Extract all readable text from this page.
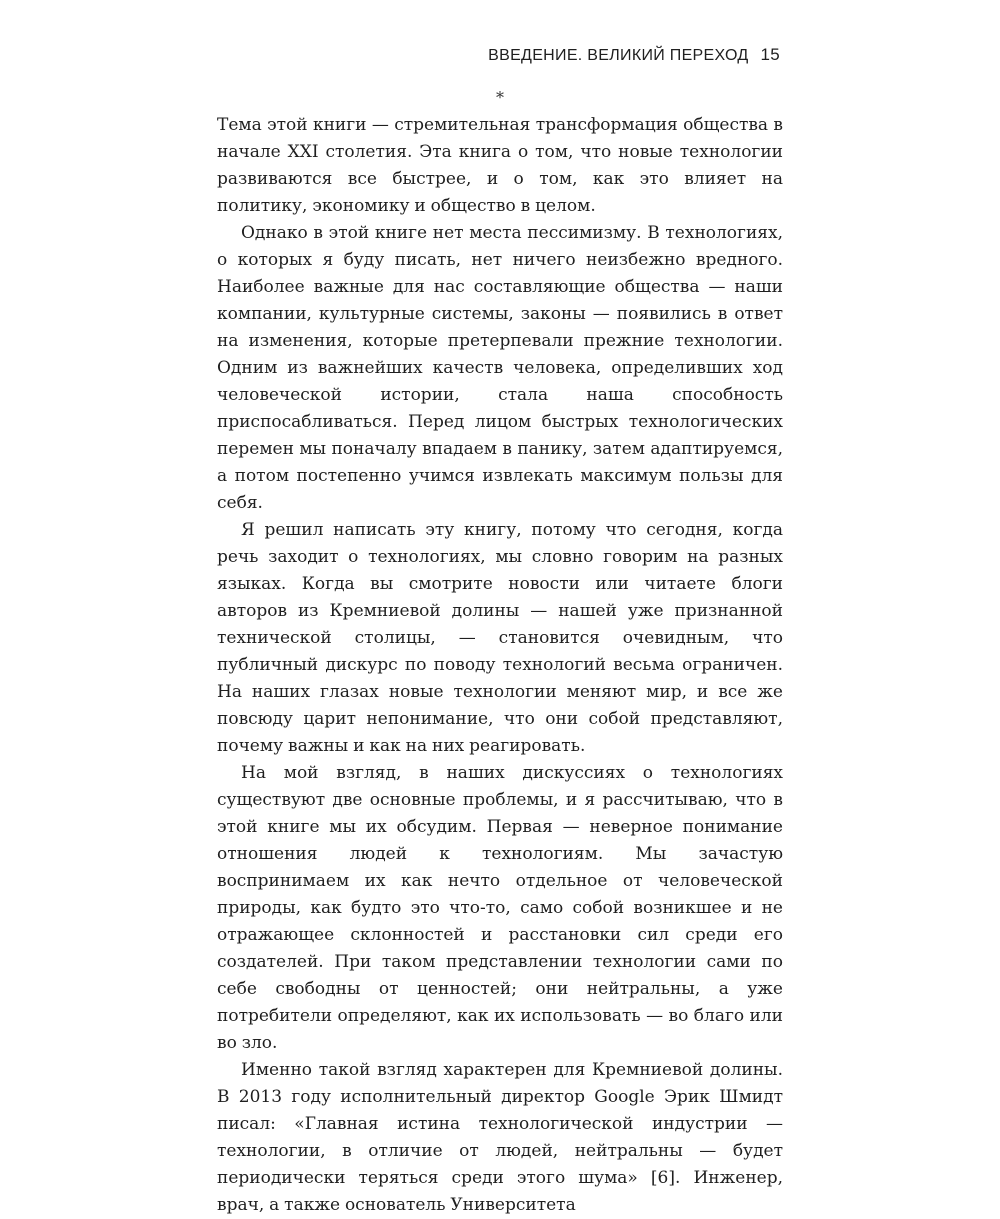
ВВЕДЕНИЕ. ВЕЛИКИЙ ПЕРЕХОД 15
*

Тема этой книги — стремительная трансформация общества в начале XXI столетия. Эта книга о том, что новые технологии развиваются все быстрее, и о том, как это влияет на политику, экономику и общество в целом.

Однако в этой книге нет места пессимизму. В технологиях, о которых я буду писать, нет ничего неизбежно вредного. Наиболее важные для нас составляющие общества — наши компании, культурные системы, законы — появились в ответ на изменения, которые претерпевали прежние технологии. Одним из важнейших качеств человека, определивших ход человеческой истории, стала наша способность приспосабливаться. Перед лицом быстрых технологических перемен мы поначалу впадаем в панику, затем адаптируемся, а потом постепенно учимся извлекать максимум пользы для себя.

Я решил написать эту книгу, потому что сегодня, когда речь заходит о технологиях, мы словно говорим на разных языках. Когда вы смотрите новости или читаете блоги авторов из Кремниевой долины — нашей уже признанной технической столицы, — становится очевидным, что публичный дискурс по поводу технологий весьма ограничен. На наших глазах новые технологии меняют мир, и все же повсюду царит непонимание, что они собой представляют, почему важны и как на них реагировать.

На мой взгляд, в наших дискуссиях о технологиях существуют две основные проблемы, и я рассчитываю, что в этой книге мы их обсудим. Первая — неверное понимание отношения людей к технологиям. Мы зачастую воспринимаем их как нечто отдельное от человеческой природы, как будто это что-то, само собой возникшее и не отражающее склонностей и расстановки сил среди его создателей. При таком представлении технологии сами по себе свободны от ценностей; они нейтральны, а уже потребители определяют, как их использовать — во благо или во зло.

Именно такой взгляд характерен для Кремниевой долины. В 2013 году исполнительный директор Google Эрик Шмидт писал: «Главная истина технологической индустрии — технологии, в отличие от людей, нейтральны — будет периодически теряться среди этого шума» [6]. Инженер, врач, а также основатель Университета
